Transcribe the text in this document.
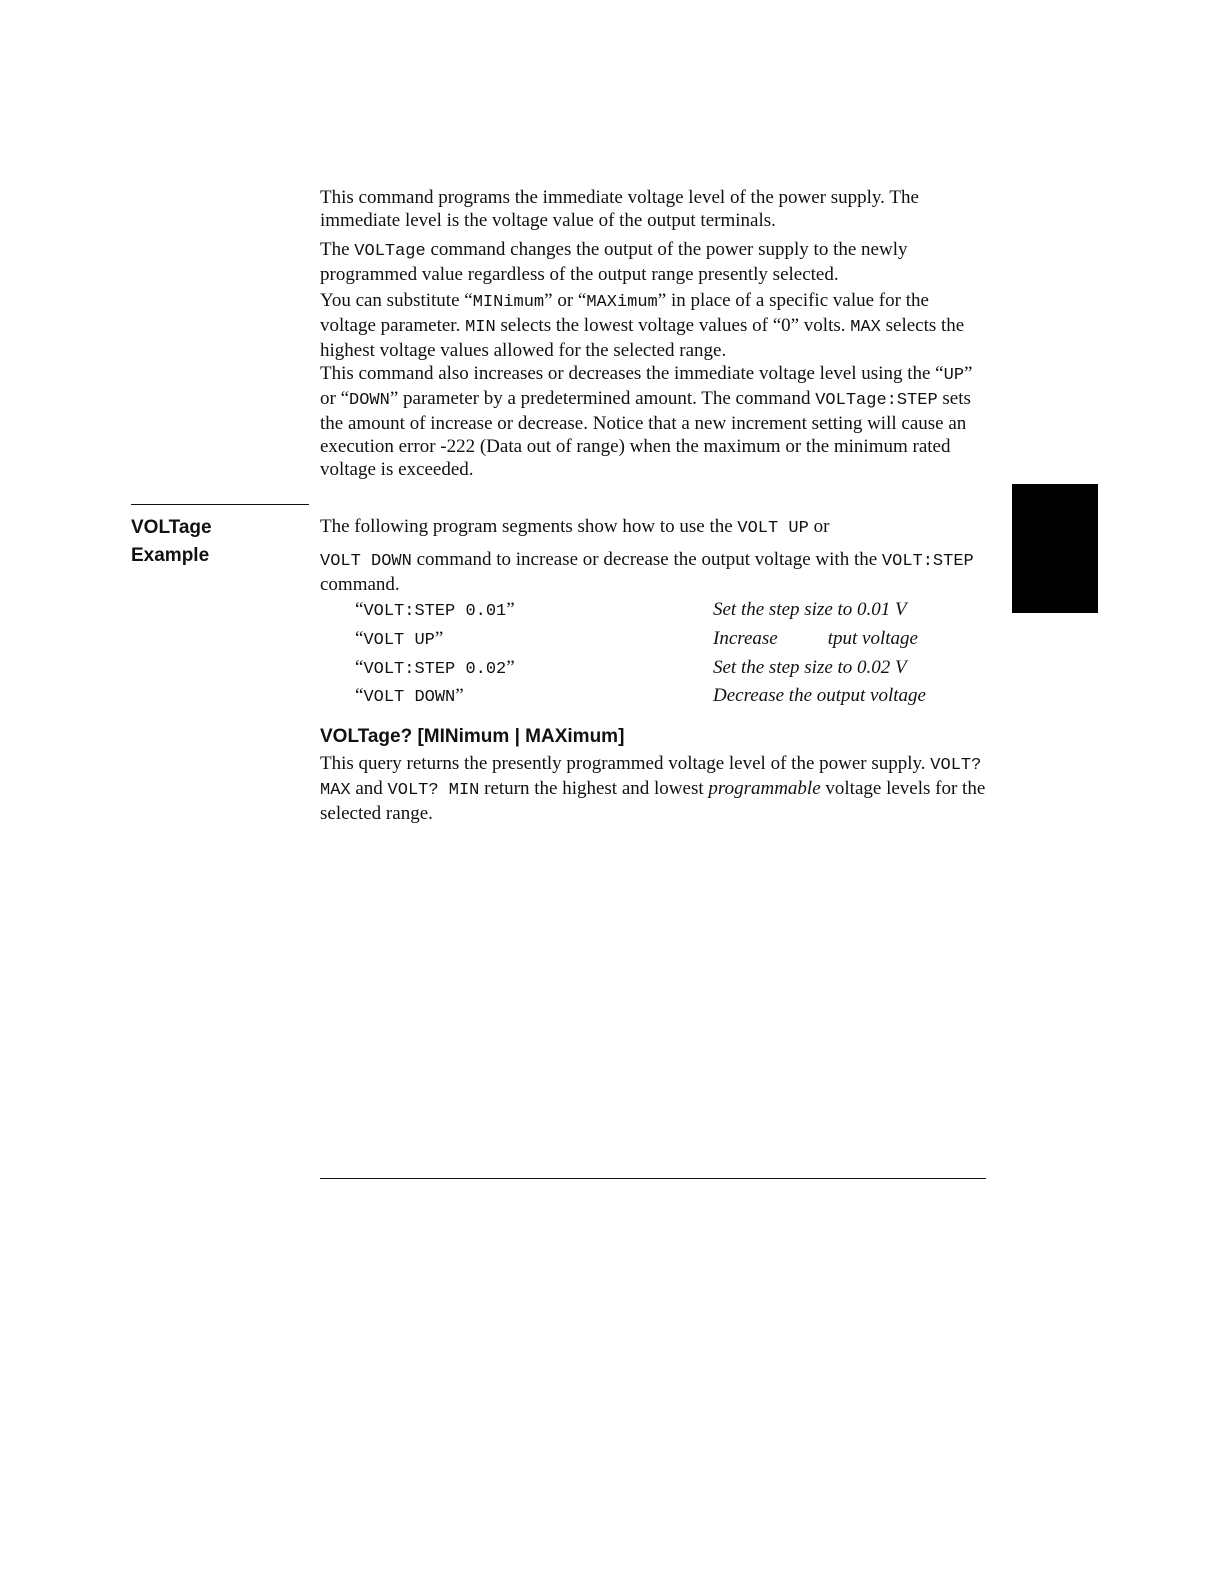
This command programs the immediate voltage level of the power supply. The immediate level is the voltage value of the output terminals.

The VOLTage command changes the output of the power supply to the newly programmed value regardless of the output range presently selected.

You can substitute “MINimum” or “MAXimum” in place of a specific value for the voltage parameter. MIN selects the lowest voltage values of “0” volts. MAX selects the highest voltage values allowed for the selected range.

This command also increases or decreases the immediate voltage level using the “UP” or “DOWN” parameter by a predetermined amount. The command VOLTage:STEP sets the amount of increase or decrease. Notice that a new increment setting will cause an execution error -222 (Data out of range) when the maximum or the minimum rated voltage is exceeded.

VOLTage
Example

The following program segments show how to use the VOLT UP or

VOLT DOWN command to increase or decrease the output voltage with the VOLT:STEP command.

“VOLT:STEP 0.01”	Set the step size to 0.01 V
“VOLT UP”	Increase	tput voltage
“VOLT:STEP 0.02”	Set the step size to 0.02 V
“VOLT DOWN”	Decrease the output voltage
VOLTage? [MINimum | MAXimum]

This query returns the presently programmed voltage level of the power supply. VOLT? MAX and VOLT? MIN return the highest and lowest programmable voltage levels for the selected range.
